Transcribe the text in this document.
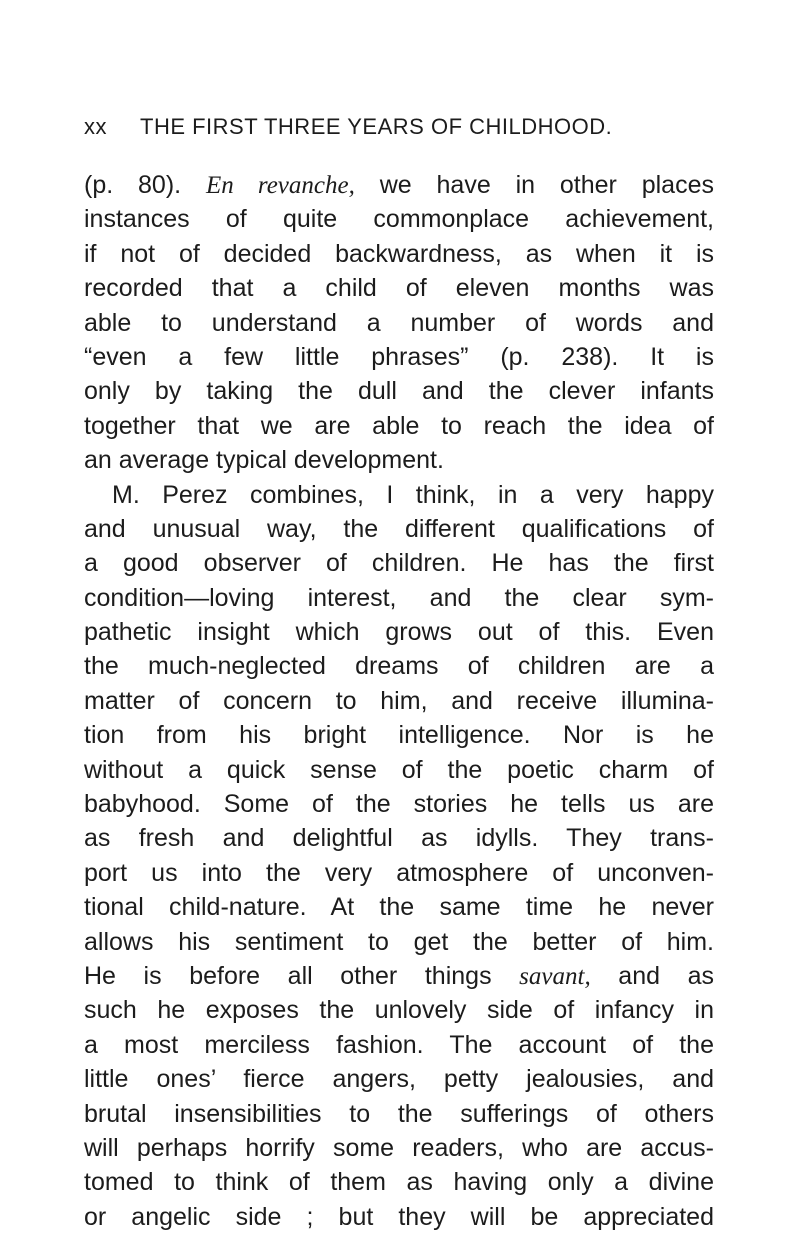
xx THE FIRST THREE YEARS OF CHILDHOOD.
(p. 80). En revanche, we have in other places
instances of quite commonplace achievement,
if not of decided backwardness, as when it is
recorded that a child of eleven months was
able to understand a number of words and
“even a few little phrases” (p. 238). It is
only by taking the dull and the clever infants
together that we are able to reach the idea of
an average typical development.
M. Perez combines, I think, in a very happy
and unusual way, the different qualifications of
a good observer of children. He has the first
condition—loving interest, and the clear sym-
pathetic insight which grows out of this. Even
the much-neglected dreams of children are a
matter of concern to him, and receive illumina-
tion from his bright intelligence. Nor is he
without a quick sense of the poetic charm of
babyhood. Some of the stories he tells us are
as fresh and delightful as idylls. They trans-
port us into the very atmosphere of unconven-
tional child-nature. At the same time he never
allows his sentiment to get the better of him.
He is before all other things savant, and as
such he exposes the unlovely side of infancy in
a most merciless fashion. The account of the
little ones’ fierce angers, petty jealousies, and
brutal insensibilities to the sufferings of others
will perhaps horrify some readers, who are accus-
tomed to think of them as having only a divine
or angelic side ; but they will be appreciated
